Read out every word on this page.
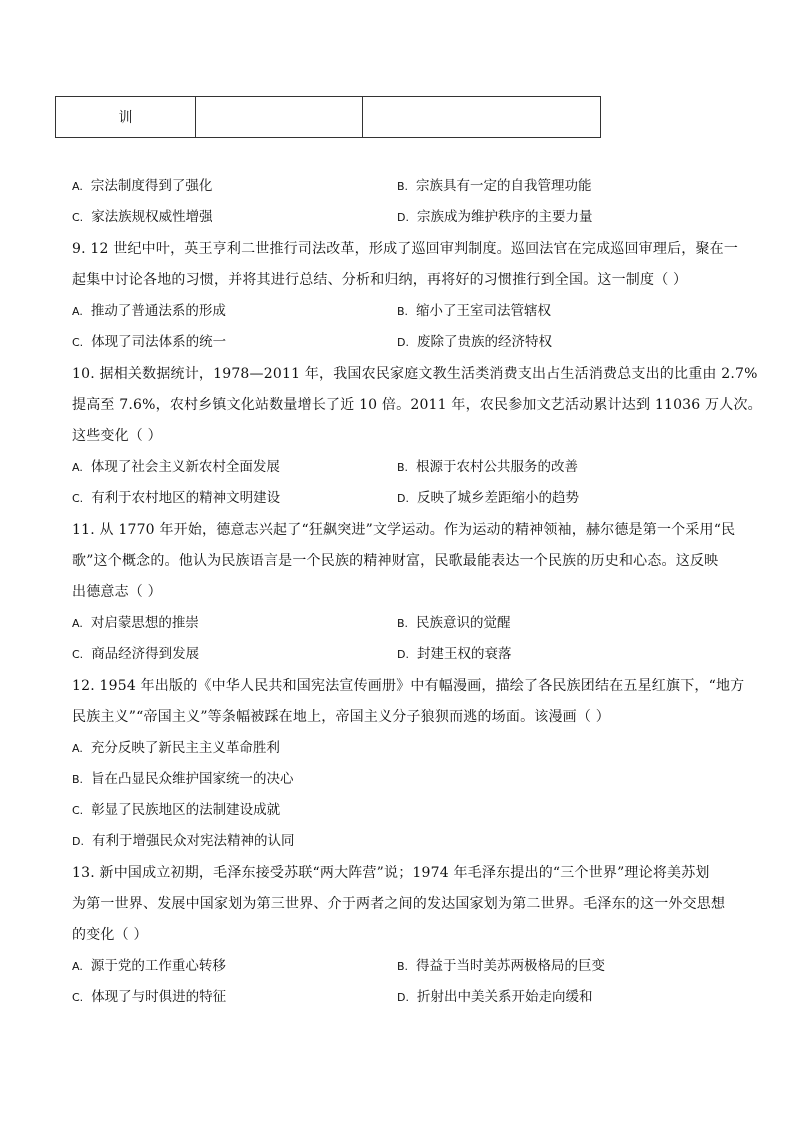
训		
A. 宗法制度得到了强化	B. 宗族具有一定的自我管理功能
C. 家法族规权威性增强	D. 宗族成为维护秩序的主要力量
9. 12 世纪中叶，英王亨利二世推行司法改革，形成了巡回审判制度。巡回法官在完成巡回审理后，聚在一
起集中讨论各地的习惯，并将其进行总结、分析和归纳，再将好的习惯推行到全国。这一制度（ ）
A. 推动了普通法系的形成	B. 缩小了王室司法管辖权
C. 体现了司法体系的统一	D. 废除了贵族的经济特权
10. 据相关数据统计，1978—2011 年，我国农民家庭文教生活类消费支出占生活消费总支出的比重由 2.7%
提高至 7.6%，农村乡镇文化站数量增长了近 10 倍。2011 年，农民参加文艺活动累计达到 11036 万人次。
这些变化（ ）
A. 体现了社会主义新农村全面发展	B. 根源于农村公共服务的改善
C. 有利于农村地区的精神文明建设	D. 反映了城乡差距缩小的趋势
11. 从 1770 年开始，德意志兴起了“狂飙突进”文学运动。作为运动的精神领袖，赫尔德是第一个采用“民
歌”这个概念的。他认为民族语言是一个民族的精神财富，民歌最能表达一个民族的历史和心态。这反映
出德意志（ ）
A. 对启蒙思想的推崇	B. 民族意识的觉醒
C. 商品经济得到发展	D. 封建王权的衰落
12. 1954 年出版的《中华人民共和国宪法宣传画册》中有幅漫画，描绘了各民族团结在五星红旗下，“地方
民族主义”“帝国主义”等条幅被踩在地上，帝国主义分子狼狈而逃的场面。该漫画（ ）
A. 充分反映了新民主主义革命胜利
B. 旨在凸显民众维护国家统一的决心
C. 彰显了民族地区的法制建设成就
D. 有利于增强民众对宪法精神的认同
13. 新中国成立初期，毛泽东接受苏联“两大阵营”说；1974 年毛泽东提出的“三个世界”理论将美苏划
为第一世界、发展中国家划为第三世界、介于两者之间的发达国家划为第二世界。毛泽东的这一外交思想
的变化（ ）
A. 源于党的工作重心转移	B. 得益于当时美苏两极格局的巨变
C. 体现了与时俱进的特征	D. 折射出中美关系开始走向缓和
